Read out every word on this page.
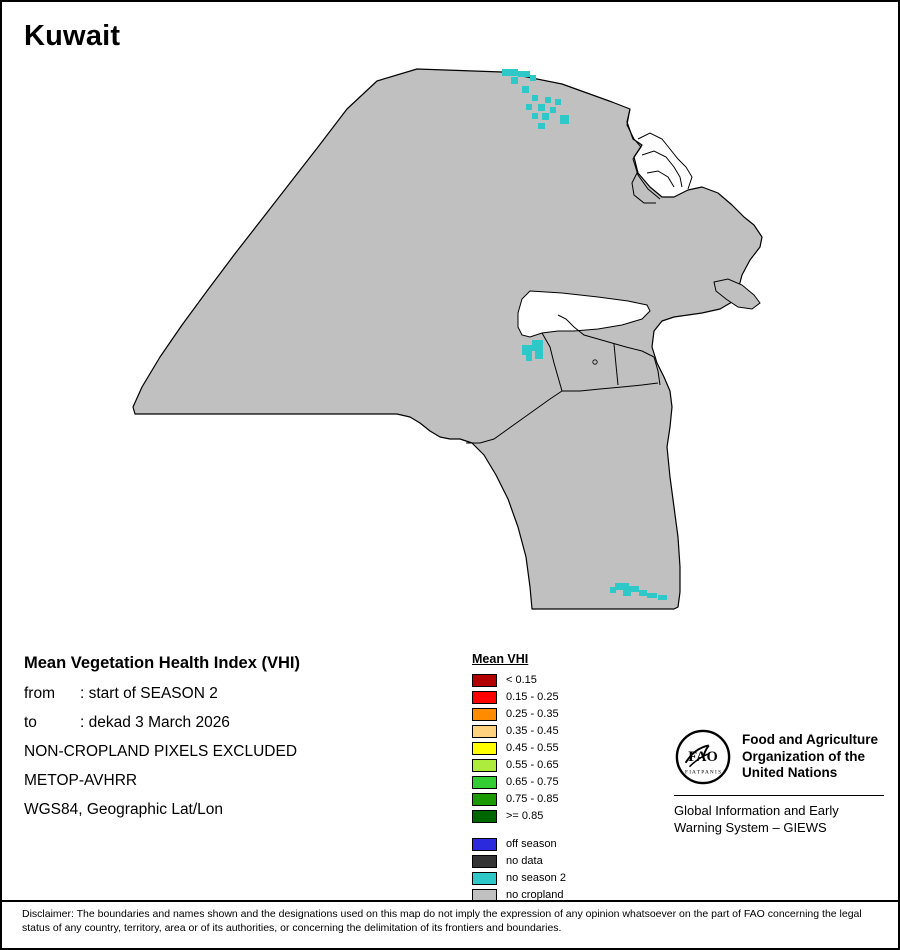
Kuwait
Mean Vegetation Health Index (VHI)
from : start of SEASON 2
to	: dekad 3 March 2026
NON-CROPLAND PIXELS EXCLUDED
METOP-AVHRR
WGS84, Geographic Lat/Lon
Mean VHI
< 0.15
0.15 - 0.25
0.25 - 0.35
0.35 - 0.45
0.45 - 0.55
0.55 - 0.65
0.65 - 0.75
0.75 - 0.85
>= 0.85
off season
no data
no season 2
no cropland
FAO
F I A T P A N I S
Food and Agriculture
Organization of the
United Nations
Global Information and Early
Warning System – GIEWS
Disclaimer: The boundaries and names shown and the designations used on this map do not imply the expression of any opinion whatsoever on the part of FAO concerning the legal status of any country, territory, area or of its authorities, or concerning the delimitation of its frontiers and boundaries.
